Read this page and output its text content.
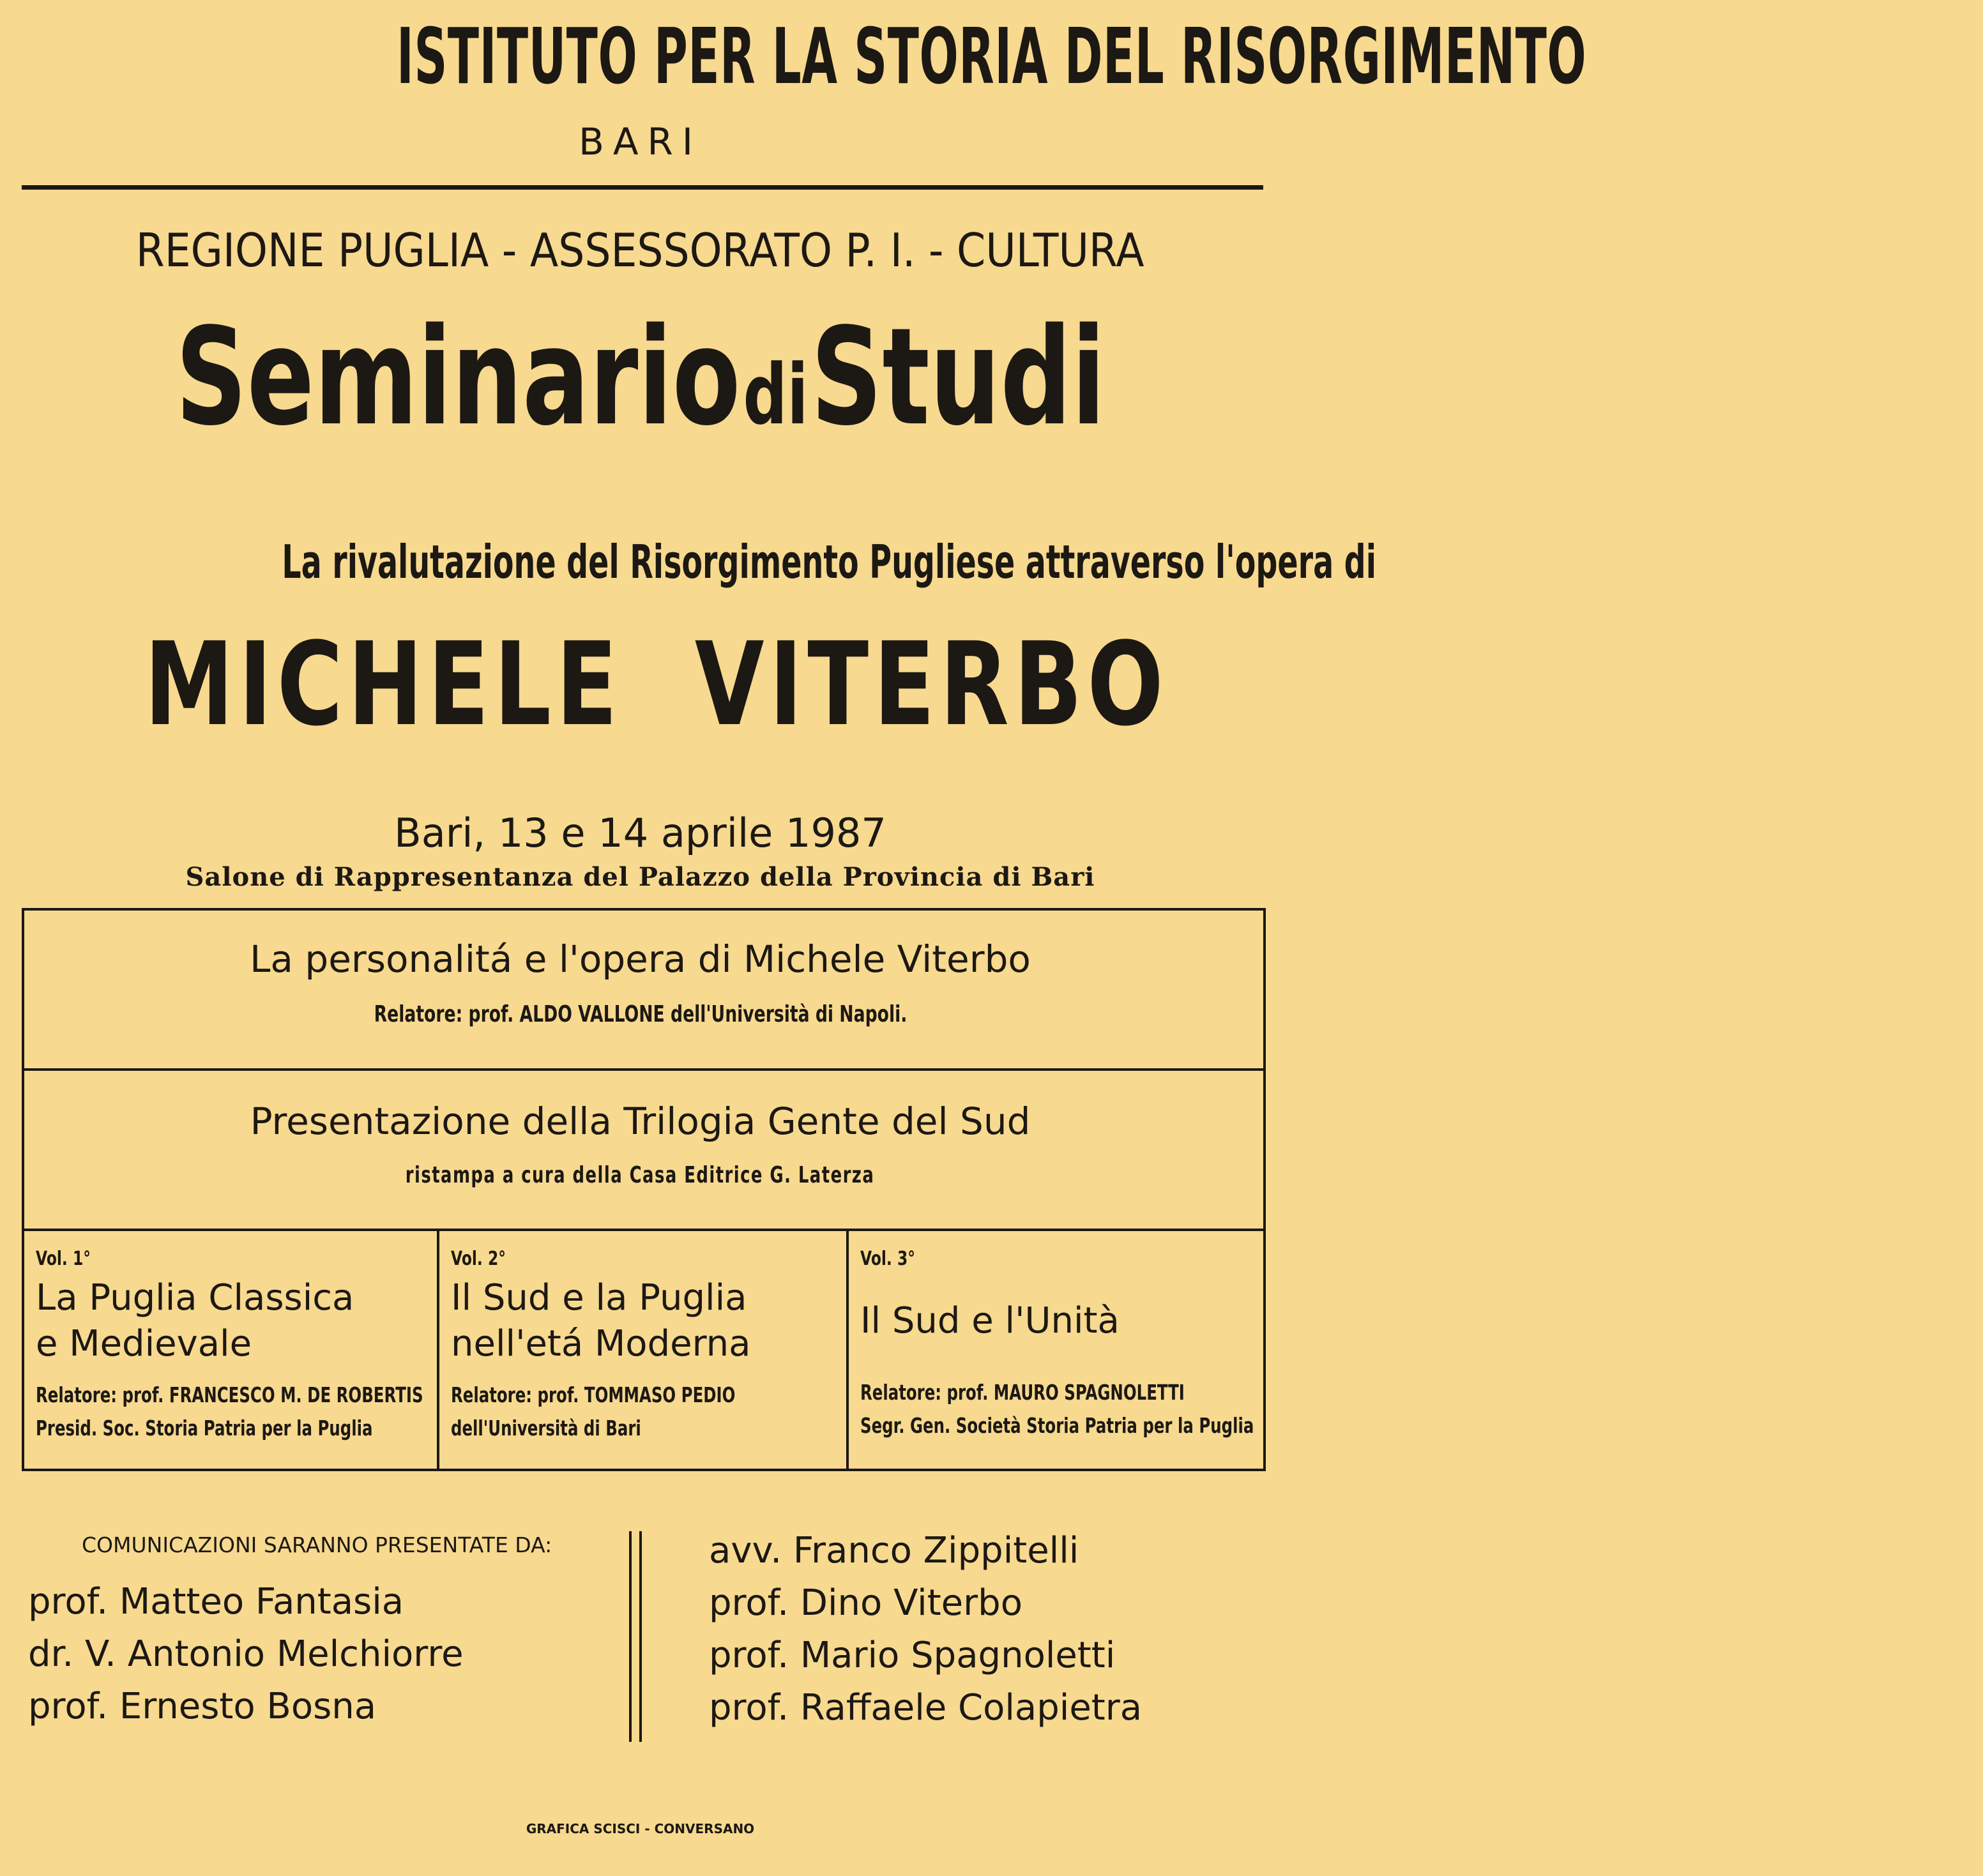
ISTITUTO PER LA STORIA DEL RISORGIMENTO
BARI
REGIONE PUGLIA - ASSESSORATO P. I. - CULTURA
Seminario di Studi
La rivalutazione del Risorgimento Pugliese attraverso l'opera di
MICHELE  VITERBO
Bari, 13 e 14 aprile 1987
Salone di Rappresentanza del Palazzo della Provincia di Bari
La personalitá e l'opera di Michele Viterbo
Relatore: prof. ALDO VALLONE dell'Università di Napoli.
Presentazione della Trilogia Gente del Sud
ristampa a cura della Casa Editrice G. Laterza
Vol. 1°
La Puglia Classica
e Medievale
Relatore: prof. FRANCESCO M. DE ROBERTIS
Presid. Soc. Storia Patria per la Puglia
Vol. 2°
Il Sud e la Puglia
nell'etá Moderna
Relatore: prof. TOMMASO PEDIO
dell'Università di Bari
Vol. 3°
Il Sud e l'Unità
Relatore: prof. MAURO SPAGNOLETTI
Segr. Gen. Società Storia Patria per la Puglia
COMUNICAZIONI SARANNO PRESENTATE DA:
prof. Matteo Fantasia
dr. V. Antonio Melchiorre
prof. Ernesto Bosna
avv. Franco Zippitelli
prof. Dino Viterbo
prof. Mario Spagnoletti
prof. Raffaele Colapietra
GRAFICA SCISCI - CONVERSANO
